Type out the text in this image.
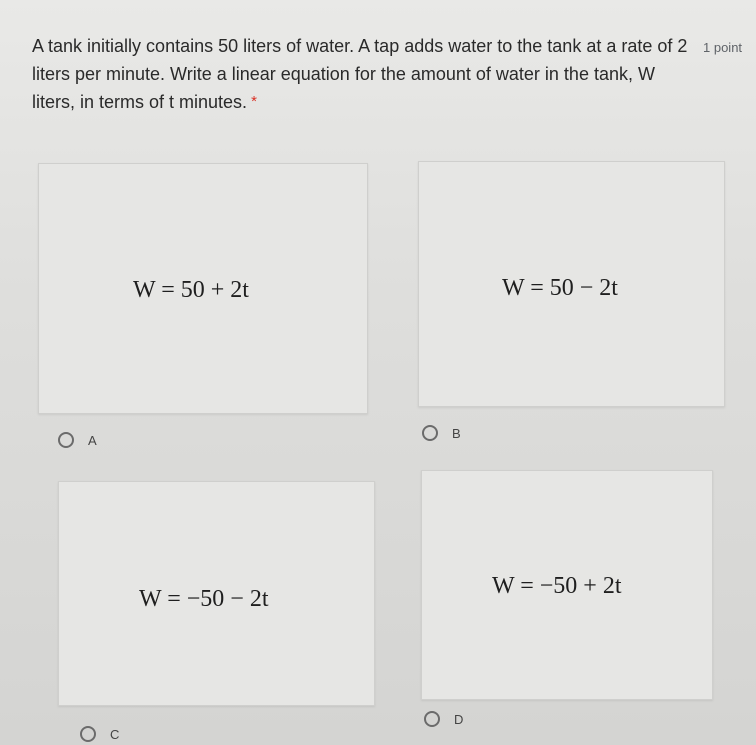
A tank initially contains 50 liters of water. A tap adds water to the tank at a rate of 2 liters per minute. Write a linear equation for the amount of water in the tank, W liters, in terms of t minutes. *
1 point
W = 50 + 2t	W = 50 − 2t
W = −50 − 2t	W = −50 + 2t
A	B
C
D
